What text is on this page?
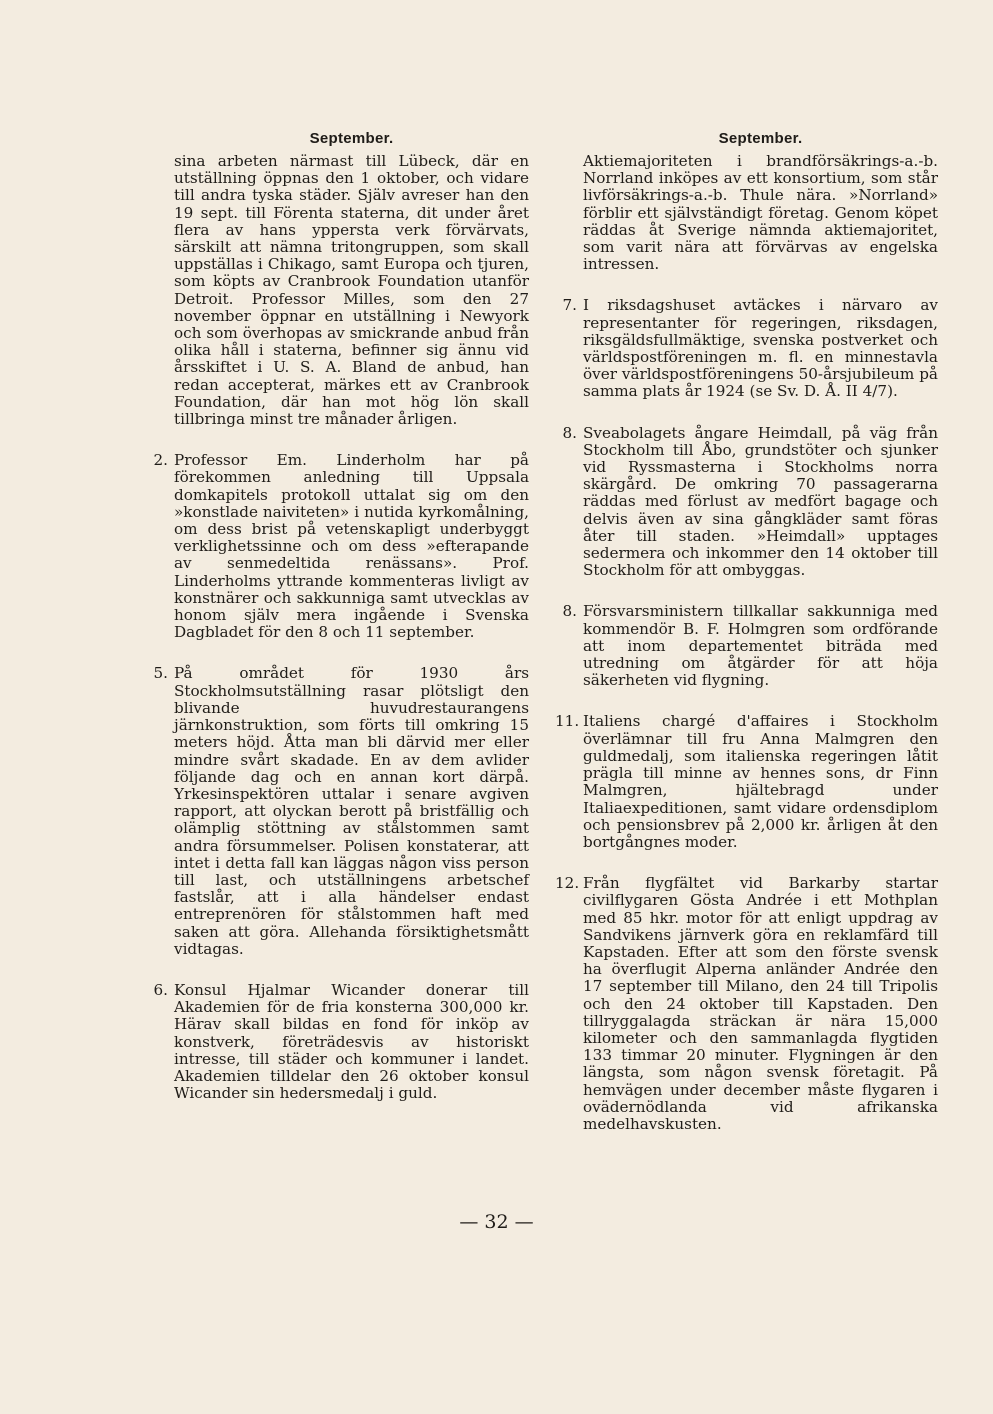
September.

sina arbeten närmast till Lübeck, där en utställning öppnas den 1 oktober, och vidare till andra tyska städer. Själv avreser han den 19 sept. till Förenta staterna, dit under året flera av hans ypperstа verk förvärvats, särskilt att nämna tritongruppen, som skall uppställas i Chikago, samt Europa och tjuren, som köpts av Cranbrook Foundation utanför Detroit. Professor Milles, som den 27 november öppnar en utställning i Newyork och som överhopas av smickrande anbud från olika håll i staterna, befinner sig ännu vid årsskiftet i U. S. A. Bland de anbud, han redan accepterat, märkes ett av Cranbrook Foundation, där han mot hög lön skall tillbringa minst tre månader årligen.

2. Professor Em. Linderholm har på förekommen anledning till Uppsala domkapitels protokoll uttalat sig om den »konstlade naiviteten» i nutida kyrkomålning, om dess brist på vetenskapligt underbyggt verklighetssinne och om dess »efterapande av senmedeltida renässans». Prof. Linderholms yttrande kommenteras livligt av konstnärer och sakkunniga samt utvecklas av honom själv mera ingående i Svenska Dagbladet för den 8 och 11 september.

5. På området för 1930 års Stockholmsutställning rasar plötsligt den blivande huvudrestaurangens järnkonstruktion, som förts till omkring 15 meters höjd. Åtta man bli därvid mer eller mindre svårt skadade. En av dem avlider följande dag och en annan kort därpå. Yrkesinspektören uttalar i senare avgiven rapport, att olyckan berott på bristfällig och olämplig stöttning av stålstommen samt andra försummelser. Polisen konstaterar, att intet i detta fall kan läggas någon viss person till last, och utställningens arbetschef fastslår, att i alla händelser endast entreprenören för stålstommen haft med saken att göra. Allehanda försiktighetsmått vidtagas.

6. Konsul Hjalmar Wicander donerar till Akademien för de fria konsterna 300,000 kr. Härav skall bildas en fond för inköp av konstverk, företrädesvis av historiskt intresse, till städer och kommuner i landet. Akademien tilldelar den 26 oktober konsul Wicander sin hedersmedalj i guld.

September.

Aktiemajoriteten i brandförsäkrings-a.-b. Norrland inköpes av ett konsortium, som står livförsäkrings-a.-b. Thule nära. »Norrland» förblir ett självständigt företag. Genom köpet räddas åt Sverige nämnda aktiemajoritet, som varit nära att förvärvas av engelska intressen.

7. I riksdagshuset avtäckes i närvaro av representanter för regeringen, riksdagen, riksgäldsfullmäktige, svenska postverket och världspostföreningen m. fl. en minnestavla över världspostföreningens 50-årsjubileum på samma plats år 1924 (se Sv. D. Å. II 4/7).

8. Sveabolagets ångare Heimdall, på väg från Stockholm till Åbo, grundstöter och sjunker vid Ryssmasterna i Stockholms norra skärgård. De omkring 70 passagerarna räddas med förlust av medfört bagage och delvis även av sina gångkläder samt föras åter till staden. »Heimdall» upptages sedermera och inkommer den 14 oktober till Stockholm för att ombyggas.

8. Försvarsministern tillkallar sakkunniga med kommendör B. F. Holmgren som ordförande att inom departementet biträda med utredning om åtgärder för att höja säkerheten vid flygning.

11. Italiens chargé d'affaires i Stockholm överlämnar till fru Anna Malmgren den guldmedalj, som italienska regeringen låtit prägla till minne av hennes sons, dr Finn Malmgren, hjältebragd under Italiaexpeditionen, samt vidare ordensdiplom och pensionsbrev på 2,000 kr. årligen åt den bortgångnes moder.

12. Från flygfältet vid Barkarby startar civilflygaren Gösta Andrée i ett Mothplan med 85 hkr. motor för att enligt uppdrag av Sandvikens järnverk göra en reklamfärd till Kapstaden. Efter att som den förste svensk ha överflugit Alperna anländer Andrée den 17 september till Milano, den 24 till Tripolis och den 24 oktober till Kapstaden. Den tillryggalagda sträckan är nära 15,000 kilometer och den sammanlagda flygtiden 133 timmar 20 minuter. Flygningen är den längsta, som någon svensk företagit. På hemvägen under december måste flygaren i ovädernödlanda vid afrikanska medelhavskusten.

— 32 —
